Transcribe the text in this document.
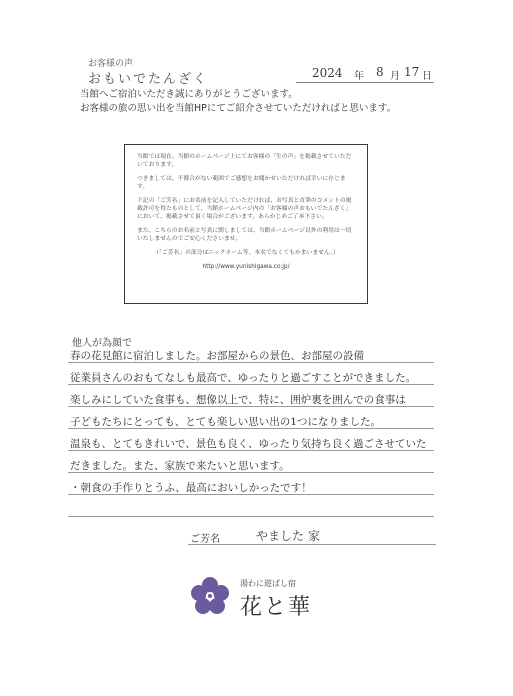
お客様の声
おもいでたんざく	2024 年 8 月 17 日
当館へご宿泊いただき誠にありがとうございます。
お客様の旅の思い出を当館HPにてご紹介させていただければと思います。

当館では現在、当館のホームページ上にてお客様の「生の声」を掲載させていただいております。

つきましては、不都合がない範囲でご感想をお聞かせいただければ幸いに存じます。

下記の「ご芳名」にお名前を記入していただければ、お写真と直筆のコメントの掲載許可を得たものとして、当館ホームページ内の「お客様の声おもいでたんざく」において、掲載させて頂く場合がございます。あらかじめご了承下さい。

また、こちらのお名前と写真に関しましては、当館ホームページ以外の利用は一切いたしませんのでご安心くださいませ。

（「ご芳名」の部分はニックネーム等、本名でなくてもかまいません。）

http://www.yunishigawa.co.jp/

他人が為顔で
春の花見館に宿泊しました。お部屋からの景色、お部屋の設備
従業員さんのおもてなしも最高で、ゆったりと過ごすことができました。
楽しみにしていた食事も、想像以上で、特に、囲炉裏を囲んでの食事は
子どもたちにとっても、とても楽しい思い出の1つになりました。
温泉も、とてもきれいで、景色も良く、ゆったり気持ち良く過ごさせていた
だきました。また、家族で来たいと思います。
・朝食の手作りとうふ、最高においしかったです！
ご芳名	やました 家
湯わに遊ばし宿
花と華
